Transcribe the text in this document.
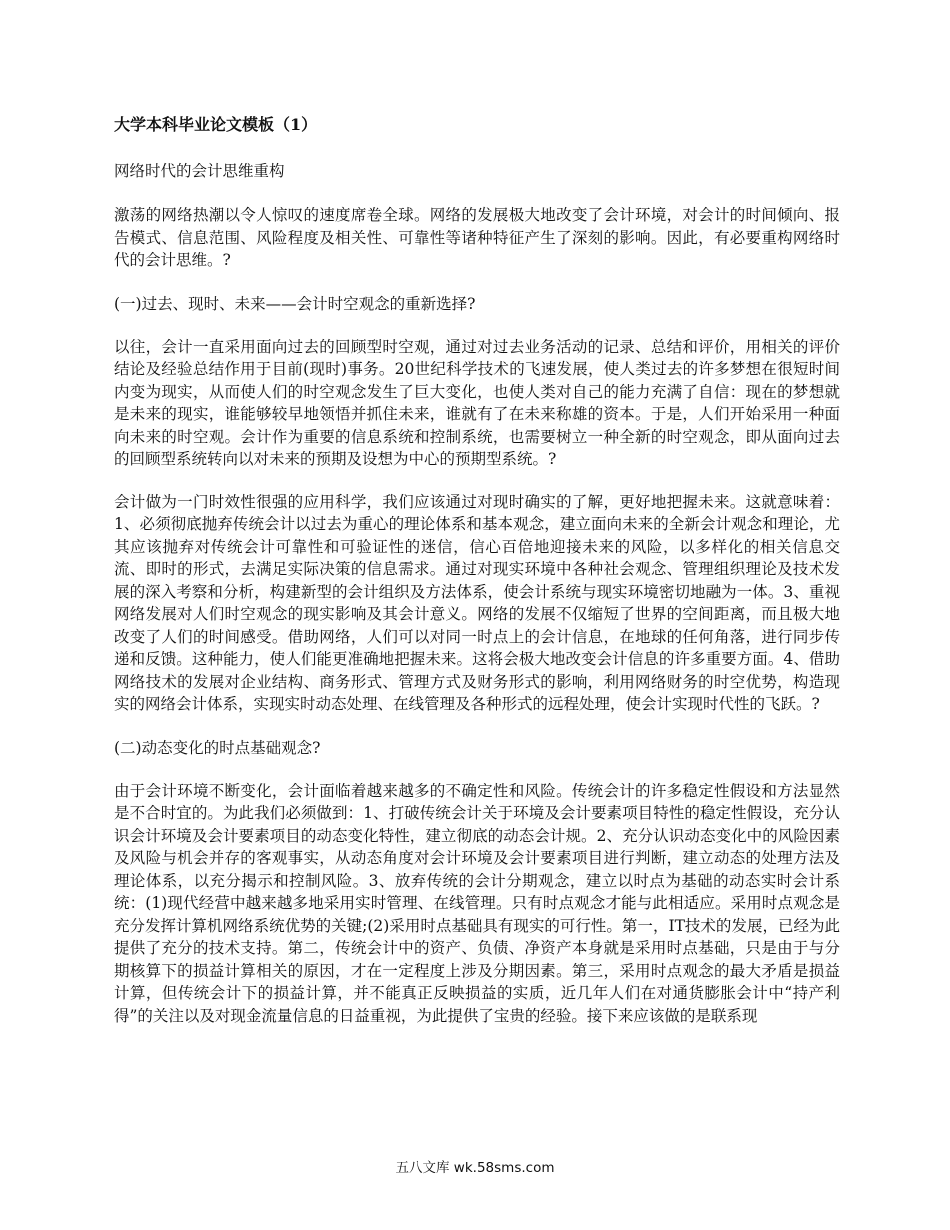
大学本科毕业论文模板（1）
网络时代的会计思维重构
激荡的网络热潮以令人惊叹的速度席卷全球。网络的发展极大地改变了会计环境，对会计的时间倾向、报告模式、信息范围、风险程度及相关性、可靠性等诸种特征产生了深刻的影响。因此，有必要重构网络时代的会计思维。?
(一)过去、现时、未来——会计时空观念的重新选择?
以往，会计一直采用面向过去的回顾型时空观，通过对过去业务活动的记录、总结和评价，用相关的评价结论及经验总结作用于目前(现时)事务。20世纪科学技术的飞速发展，使人类过去的许多梦想在很短时间内变为现实，从而使人们的时空观念发生了巨大变化，也使人类对自己的能力充满了自信：现在的梦想就是未来的现实，谁能够较早地领悟并抓住未来，谁就有了在未来称雄的资本。于是，人们开始采用一种面向未来的时空观。会计作为重要的信息系统和控制系统，也需要树立一种全新的时空观念，即从面向过去的回顾型系统转向以对未来的预期及设想为中心的预期型系统。?
会计做为一门时效性很强的应用科学，我们应该通过对现时确实的了解，更好地把握未来。这就意味着：1、必须彻底抛弃传统会计以过去为重心的理论体系和基本观念，建立面向未来的全新会计观念和理论，尤其应该抛弃对传统会计可靠性和可验证性的迷信，信心百倍地迎接未来的风险，以多样化的相关信息交流、即时的形式，去满足实际决策的信息需求。通过对现实环境中各种社会观念、管理组织理论及技术发展的深入考察和分析，构建新型的会计组织及方法体系，使会计系统与现实环境密切地融为一体。3、重视网络发展对人们时空观念的现实影响及其会计意义。网络的发展不仅缩短了世界的空间距离，而且极大地改变了人们的时间感受。借助网络，人们可以对同一时点上的会计信息，在地球的任何角落，进行同步传递和反馈。这种能力，使人们能更准确地把握未来。这将会极大地改变会计信息的许多重要方面。4、借助网络技术的发展对企业结构、商务形式、管理方式及财务形式的影响，利用网络财务的时空优势，构造现实的网络会计体系，实现实时动态处理、在线管理及各种形式的远程处理，使会计实现时代性的飞跃。?
(二)动态变化的时点基础观念?
由于会计环境不断变化，会计面临着越来越多的不确定性和风险。传统会计的许多稳定性假设和方法显然是不合时宜的。为此我们必须做到：1、打破传统会计关于环境及会计要素项目特性的稳定性假设，充分认识会计环境及会计要素项目的动态变化特性，建立彻底的动态会计规。2、充分认识动态变化中的风险因素及风险与机会并存的客观事实，从动态角度对会计环境及会计要素项目进行判断，建立动态的处理方法及理论体系，以充分揭示和控制风险。3、放弃传统的会计分期观念，建立以时点为基础的动态实时会计系统：(1)现代经营中越来越多地采用实时管理、在线管理。只有时点观念才能与此相适应。采用时点观念是充分发挥计算机网络系统优势的关键;(2)采用时点基础具有现实的可行性。第一，IT技术的发展，已经为此提供了充分的技术支持。第二，传统会计中的资产、负债、净资产本身就是采用时点基础，只是由于与分期核算下的损益计算相关的原因，才在一定程度上涉及分期因素。第三，采用时点观念的最大矛盾是损益计算，但传统会计下的损益计算，并不能真正反映损益的实质，近几年人们在对通货膨胀会计中“持产利得”的关注以及对现金流量信息的日益重视，为此提供了宝贵的经验。接下来应该做的是联系现
五八文库 wk.58sms.com
